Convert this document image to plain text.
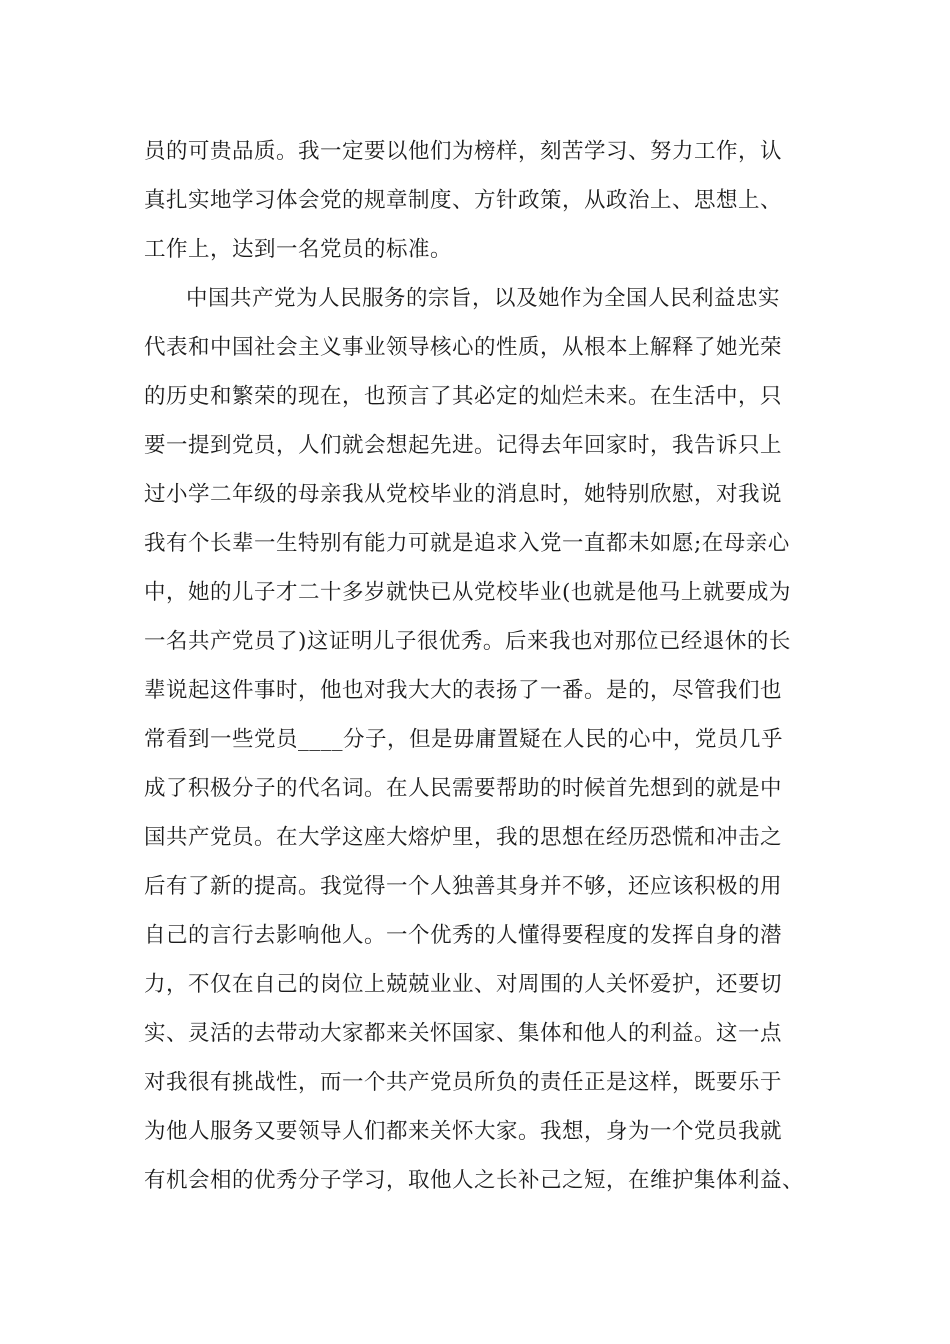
员的可贵品质。我一定要以他们为榜样，刻苦学习、努力工作，认
真扎实地学习体会党的规章制度、方针政策，从政治上、思想上、
工作上，达到一名党员的标准。
中国共产党为人民服务的宗旨，以及她作为全国人民利益忠实
代表和中国社会主义事业领导核心的性质，从根本上解释了她光荣
的历史和繁荣的现在，也预言了其必定的灿烂未来。在生活中，只
要一提到党员，人们就会想起先进。记得去年回家时，我告诉只上
过小学二年级的母亲我从党校毕业的消息时，她特别欣慰，对我说
我有个长辈一生特别有能力可就是追求入党一直都未如愿;在母亲心
中，她的儿子才二十多岁就快已从党校毕业(也就是他马上就要成为
一名共产党员了)这证明儿子很优秀。后来我也对那位已经退休的长
辈说起这件事时，他也对我大大的表扬了一番。是的，尽管我们也
常看到一些党员____分子，但是毋庸置疑在人民的心中，党员几乎
成了积极分子的代名词。在人民需要帮助的时候首先想到的就是中
国共产党员。在大学这座大熔炉里，我的思想在经历恐慌和冲击之
后有了新的提高。我觉得一个人独善其身并不够，还应该积极的用
自己的言行去影响他人。一个优秀的人懂得要程度的发挥自身的潜
力，不仅在自己的岗位上兢兢业业、对周围的人关怀爱护，还要切
实、灵活的去带动大家都来关怀国家、集体和他人的利益。这一点
对我很有挑战性，而一个共产党员所负的责任正是这样，既要乐于
为他人服务又要领导人们都来关怀大家。我想，身为一个党员我就
有机会相的优秀分子学习，取他人之长补己之短，在维护集体利益、
